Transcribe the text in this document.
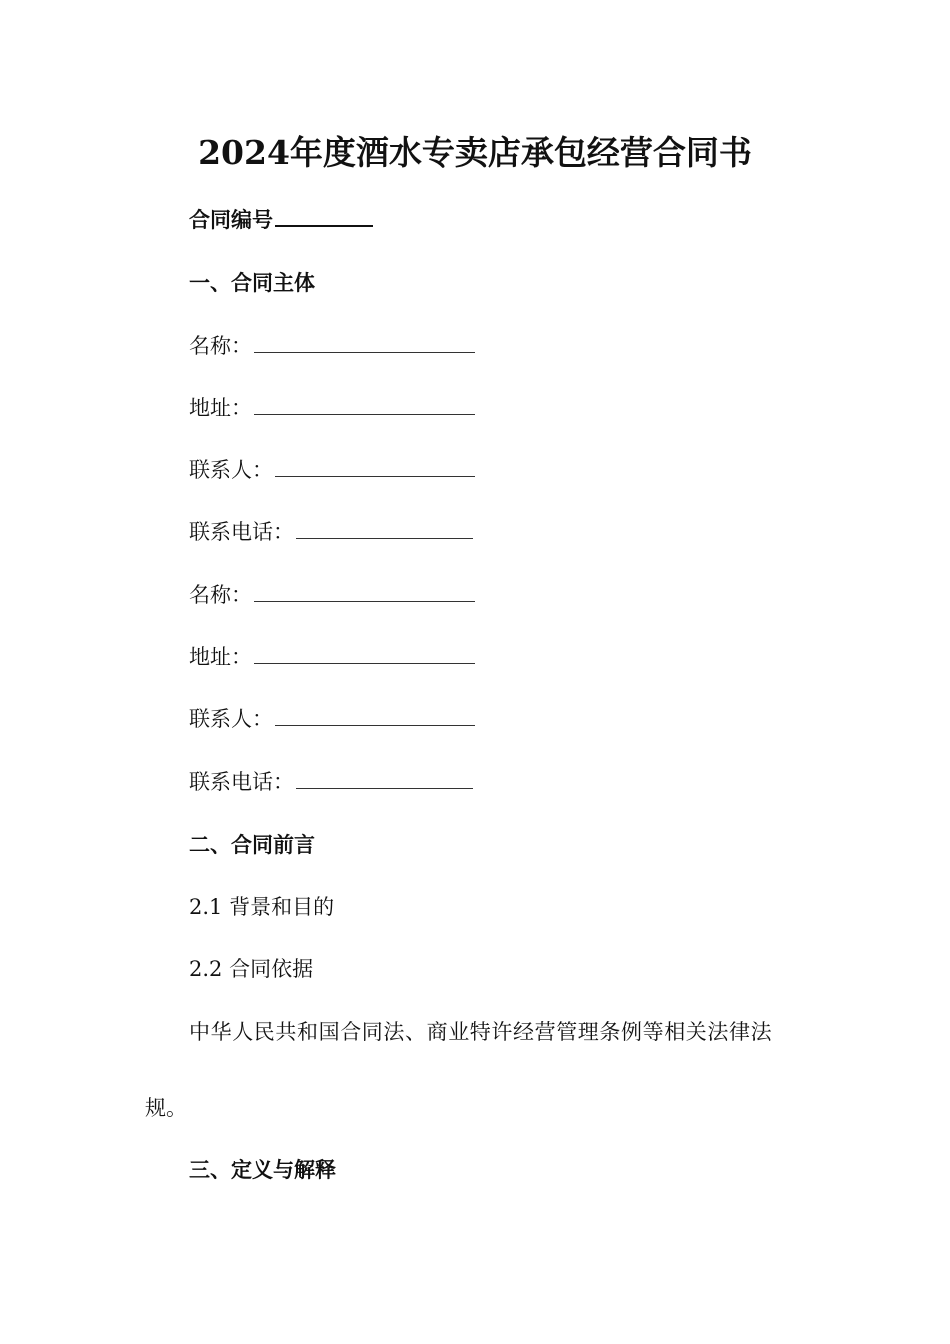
2024年度酒水专卖店承包经营合同书
合同编号
一、合同主体
名称：
地址：
联系人：
联系电话：
名称：
地址：
联系人：
联系电话：
二、合同前言
2.1 背景和目的
2.2 合同依据
中华人民共和国合同法、商业特许经营管理条例等相关法律法
规。
三、定义与解释
